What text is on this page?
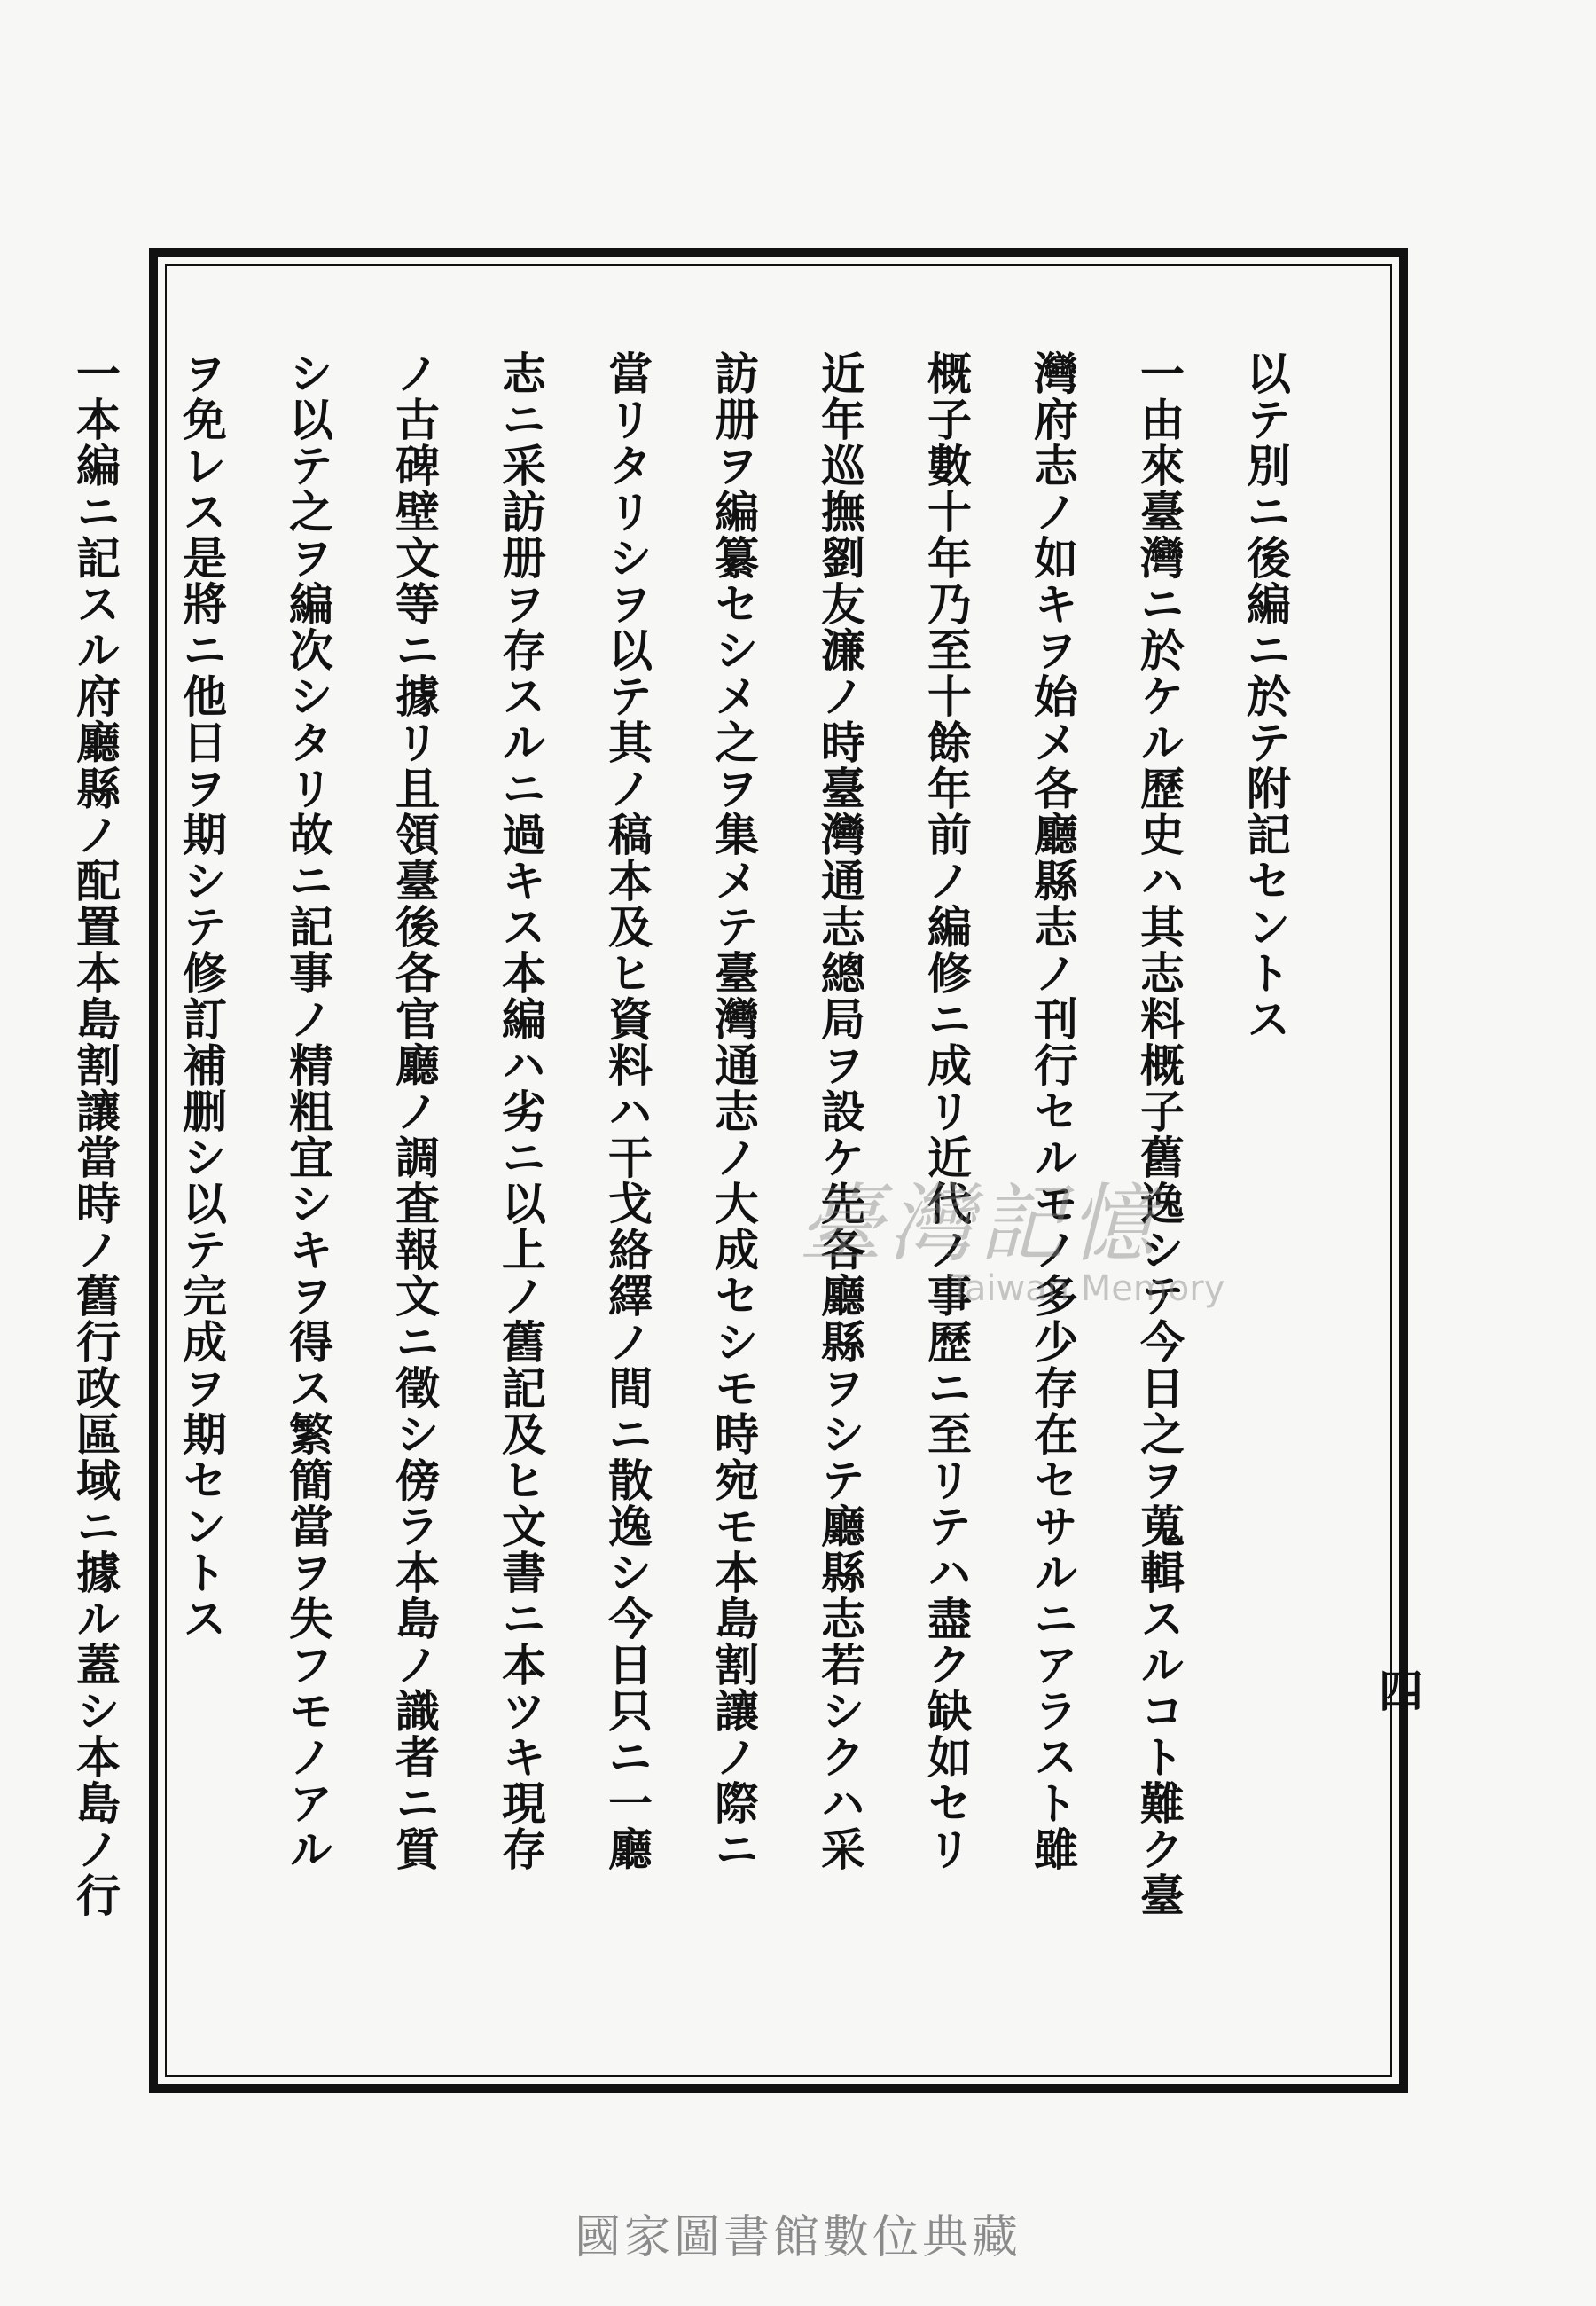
以テ別ニ後編ニ於テ附記セントス
一由來臺灣ニ於ケル歷史ハ其志料概子舊逸シテ今日之ヲ蒐輯スルコト難ク臺
灣府志ノ如キヲ始メ各廳縣志ノ刊行セルモノ多少存在セサルニアラスト雖
概子數十年乃至十餘年前ノ編修ニ成リ近代ノ事歷ニ至リテハ盡ク缺如セリ
近年巡撫劉友濂ノ時臺灣通志總局ヲ設ケ先各廳縣ヲシテ廳縣志若シクハ采
訪册ヲ編纂セシメ之ヲ集メテ臺灣通志ノ大成セシモ時宛モ本島割讓ノ際ニ
當リタリシヲ以テ其ノ稿本及ヒ資料ハ干戈絡繹ノ間ニ散逸シ今日只ニ一廳
志ニ采訪册ヲ存スルニ過キス本編ハ劣ニ以上ノ舊記及ヒ文書ニ本ツキ現存
ノ古碑壁文等ニ據リ且領臺後各官廳ノ調査報文ニ徵シ傍ラ本島ノ識者ニ質
シ以テ之ヲ編次シタリ故ニ記事ノ精粗宜シキヲ得ス繁簡當ヲ失フモノアル
ヲ免レス是將ニ他日ヲ期シテ修訂補删シ以テ完成ヲ期セントス
一本編ニ記スル府廳縣ノ配置本島割讓當時ノ舊行政區域ニ據ル蓋シ本島ノ行	四
臺灣記憶
Taiwan Memory
國家圖書館數位典藏
